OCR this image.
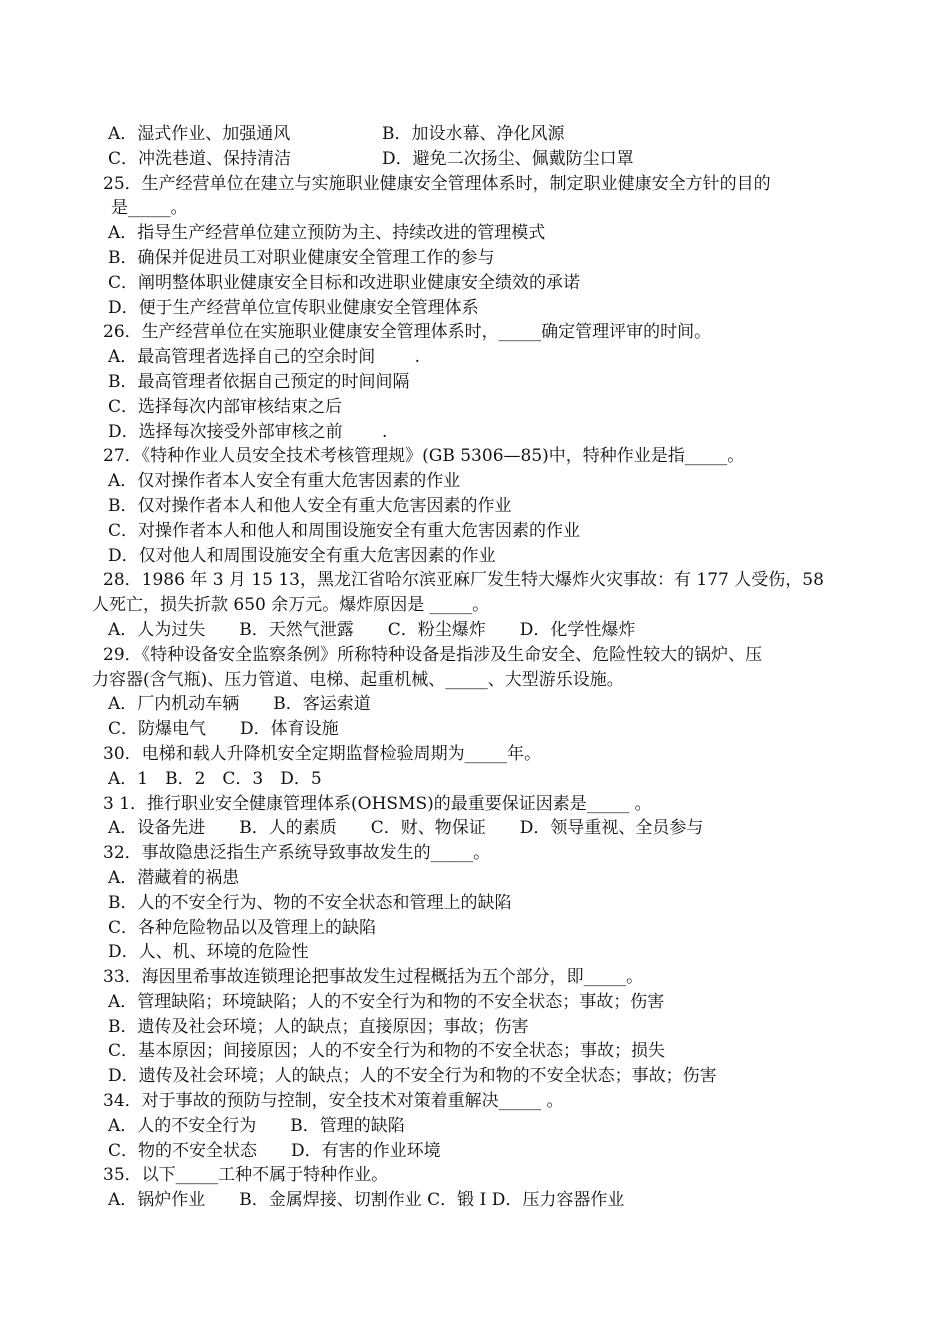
A．湿式作业、加强通风	B．加设水幕、净化风源
C．冲洗巷道、保持清洁	D．避免二次扬尘、佩戴防尘口罩
25．生产经营单位在建立与实施职业健康安全管理体系时，制定职业健康安全方针的目的
是_____。
A．指导生产经营单位建立预防为主、持续改进的管理模式
B．确保并促进员工对职业健康安全管理工作的参与
C．阐明整体职业健康安全目标和改进职业健康安全绩效的承诺
D．便于生产经营单位宣传职业健康安全管理体系
26．生产经营单位在实施职业健康安全管理体系时，_____确定管理评审的时间。
A．最高管理者选择自己的空余时间　　 .
B．最高管理者依据自己预定的时间间隔
C．选择每次内部审核结束之后
D．选择每次接受外部审核之前　　 .
27．《特种作业人员安全技术考核管理规》(GB 5306—85)中，特种作业是指_____。
A．仅对操作者本人安全有重大危害因素的作业
B．仅对操作者本人和他人安全有重大危害因素的作业
C．对操作者本人和他人和周围设施安全有重大危害因素的作业
D．仅对他人和周围设施安全有重大危害因素的作业
28．1986 年 3 月 15 13，黑龙江省哈尔滨亚麻厂发生特大爆炸火灾事故：有 177 人受伤，58
人死亡，损失折款 650 余万元。爆炸原因是 _____。
A．人为过失　　B．天然气泄露　　C．粉尘爆炸　　D．化学性爆炸
29．《特种设备安全监察条例》所称特种设备是指涉及生命安全、危险性较大的锅炉、压
力容器(含气瓶)、压力管道、电梯、起重机械、_____、大型游乐设施。
A．厂内机动车辆　　B．客运索道
C．防爆电气　　D．体育设施
30．电梯和载人升降机安全定期监督检验周期为_____年。
A．1　B．2　C．3　D．5
3 1．推行职业安全健康管理体系(OHSMS)的最重要保证因素是_____ 。
A．设备先进　　B．人的素质　　C．财、物保证　　D．领导重视、全员参与
32．事故隐患泛指生产系统导致事故发生的_____。
A．潜藏着的祸患
B．人的不安全行为、物的不安全状态和管理上的缺陷
C．各种危险物品以及管理上的缺陷
D．人、机、环境的危险性
33．海因里希事故连锁理论把事故发生过程概括为五个部分，即_____。
A．管理缺陷；环境缺陷；人的不安全行为和物的不安全状态；事故；伤害
B．遗传及社会环境；人的缺点；直接原因；事故；伤害
C．基本原因；间接原因；人的不安全行为和物的不安全状态；事故；损失
D．遗传及社会环境；人的缺点；人的不安全行为和物的不安全状态；事故；伤害
34．对于事故的预防与控制，安全技术对策着重解决_____ 。
A．人的不安全行为　　B．管理的缺陷
C．物的不安全状态　　D．有害的作业环境
35．以下_____工种不属于特种作业。
A．锅炉作业　　B．金属焊接、切割作业 C．锻 I D．压力容器作业
